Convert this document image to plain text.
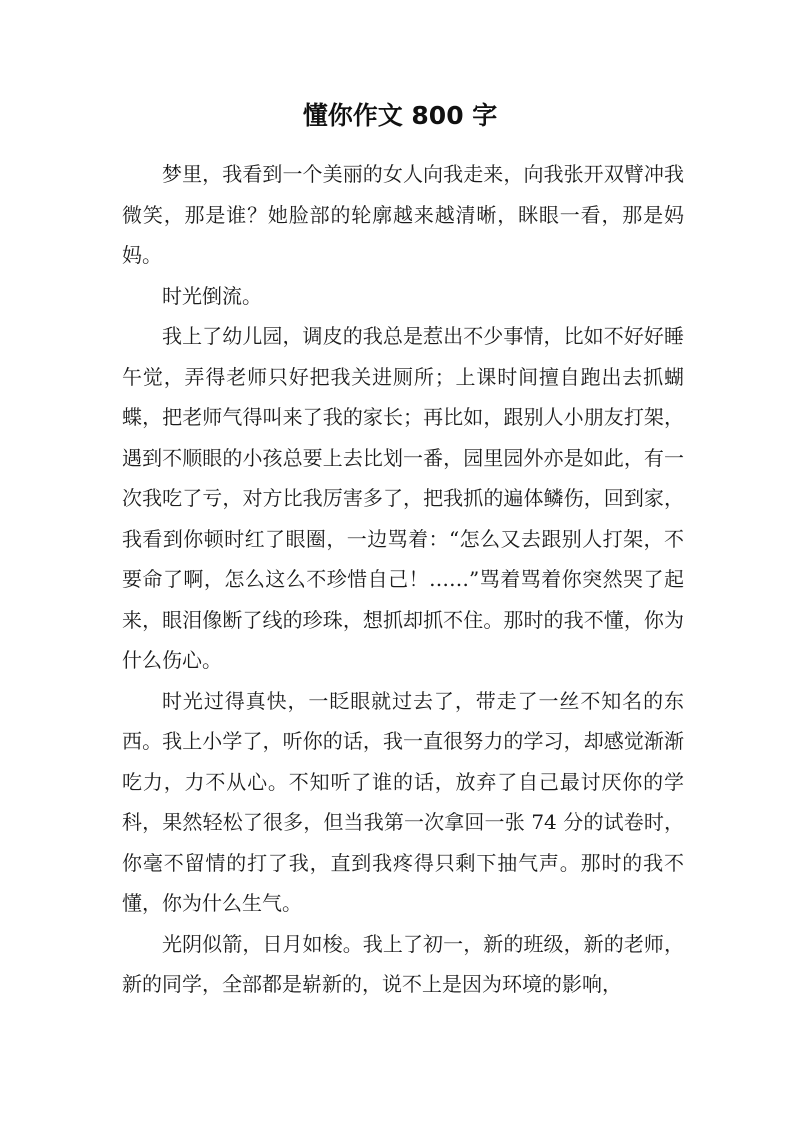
懂你作文 800 字

梦里，我看到一个美丽的女人向我走来，向我张开双臂冲我微笑，那是谁？她脸部的轮廓越来越清晰，眯眼一看，那是妈妈。

时光倒流。

我上了幼儿园，调皮的我总是惹出不少事情，比如不好好睡午觉，弄得老师只好把我关进厕所；上课时间擅自跑出去抓蝴蝶，把老师气得叫来了我的家长；再比如，跟别人小朋友打架，遇到不顺眼的小孩总要上去比划一番，园里园外亦是如此，有一次我吃了亏，对方比我厉害多了，把我抓的遍体鳞伤，回到家，我看到你顿时红了眼圈，一边骂着：“怎么又去跟别人打架，不要命了啊，怎么这么不珍惜自己！……”骂着骂着你突然哭了起来，眼泪像断了线的珍珠，想抓却抓不住。那时的我不懂，你为什么伤心。

时光过得真快，一眨眼就过去了，带走了一丝不知名的东西。我上小学了，听你的话，我一直很努力的学习，却感觉渐渐吃力，力不从心。不知听了谁的话，放弃了自己最讨厌你的学科，果然轻松了很多，但当我第一次拿回一张 74 分的试卷时，你毫不留情的打了我，直到我疼得只剩下抽气声。那时的我不懂，你为什么生气。

光阴似箭，日月如梭。我上了初一，新的班级，新的老师，新的同学，全部都是崭新的，说不上是因为环境的影响，
